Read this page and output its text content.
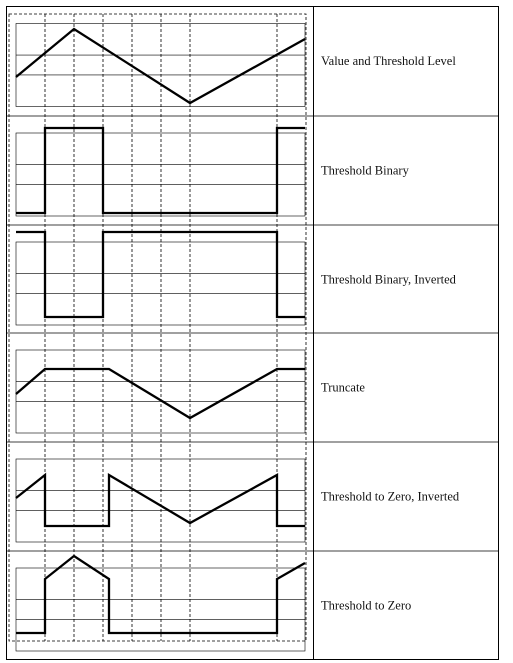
Value and Threshold Level
Threshold Binary
Threshold Binary, Inverted
Truncate
Threshold to Zero, Inverted
Threshold to Zero
